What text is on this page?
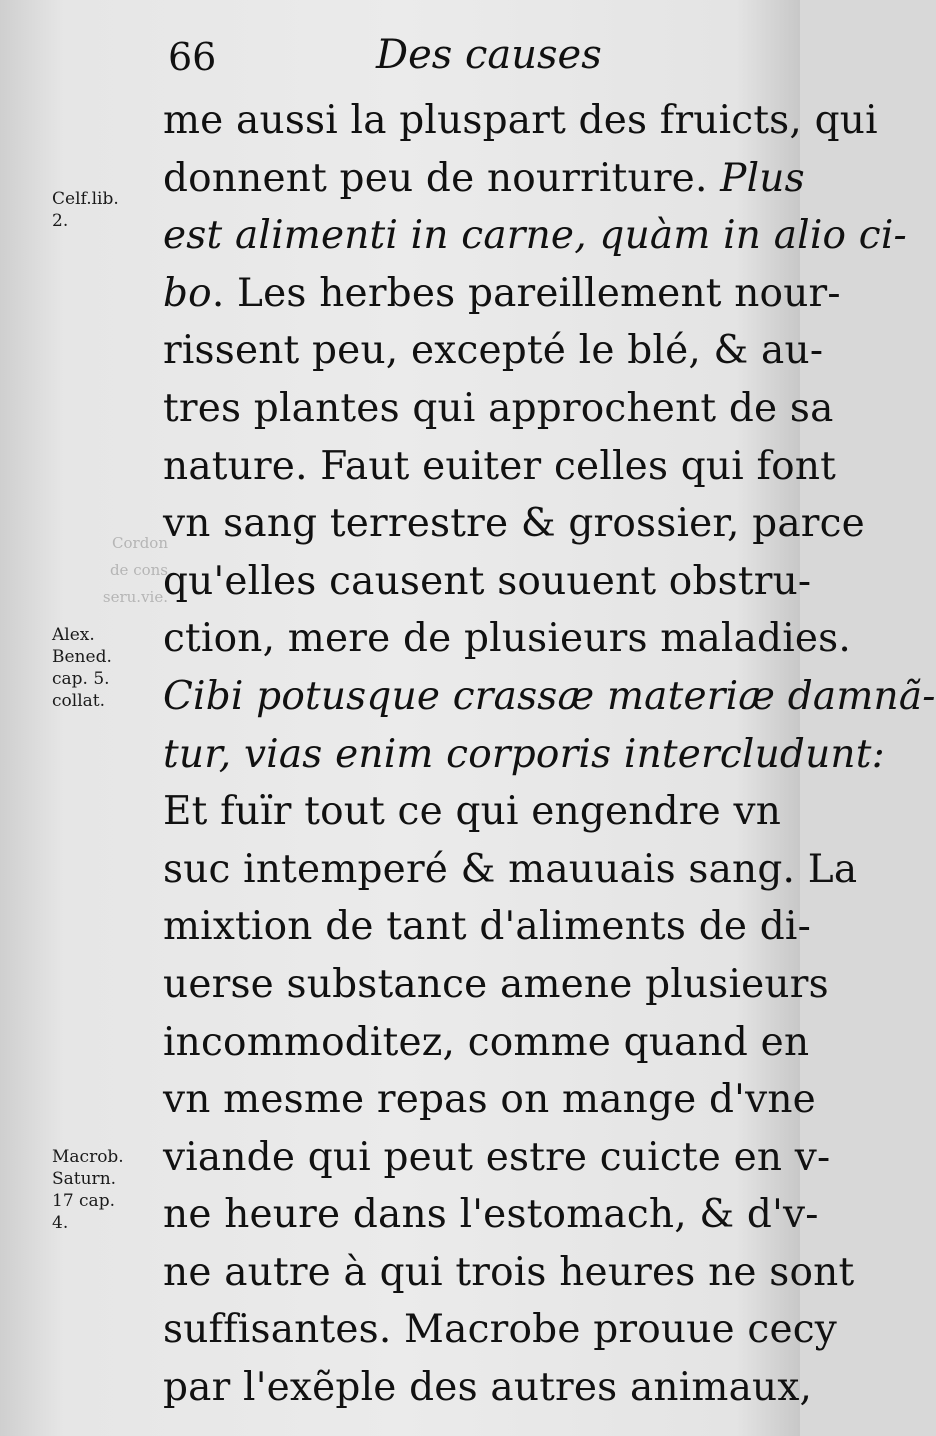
Cordon
de cons
seru.vie.
66	Des causes
me aussi la pluspart des fruicts, qui
donnent peu de nourriture. Plus
est alimenti in carne, quàm in alio ci-
bo. Les herbes pareillement nour-
rissent peu, excepté le blé, & au-
tres plantes qui approchent de sa
nature. Faut euiter celles qui font
vn sang terrestre & grossier, parce
qu'elles causent souuent obstru-
ction, mere de plusieurs maladies.
Cibi potusque crassæ materiæ damnã-
tur, vias enim corporis intercludunt:
Et fuïr tout ce qui engendre vn
suc intemperé & mauuais sang. La
mixtion de tant d'aliments de di-
uerse substance amene plusieurs
incommoditez, comme quand en
vn mesme repas on mange d'vne
viande qui peut estre cuicte en v-
ne heure dans l'estomach, & d'v-
ne autre à qui trois heures ne sont
suffisantes. Macrobe prouue cecy
par l'exẽple des autres animaux,
Celf.lib.
2.
Alex.
Bened.
cap. 5.
collat.
Macrob.
Saturn.
17 cap.
4.
